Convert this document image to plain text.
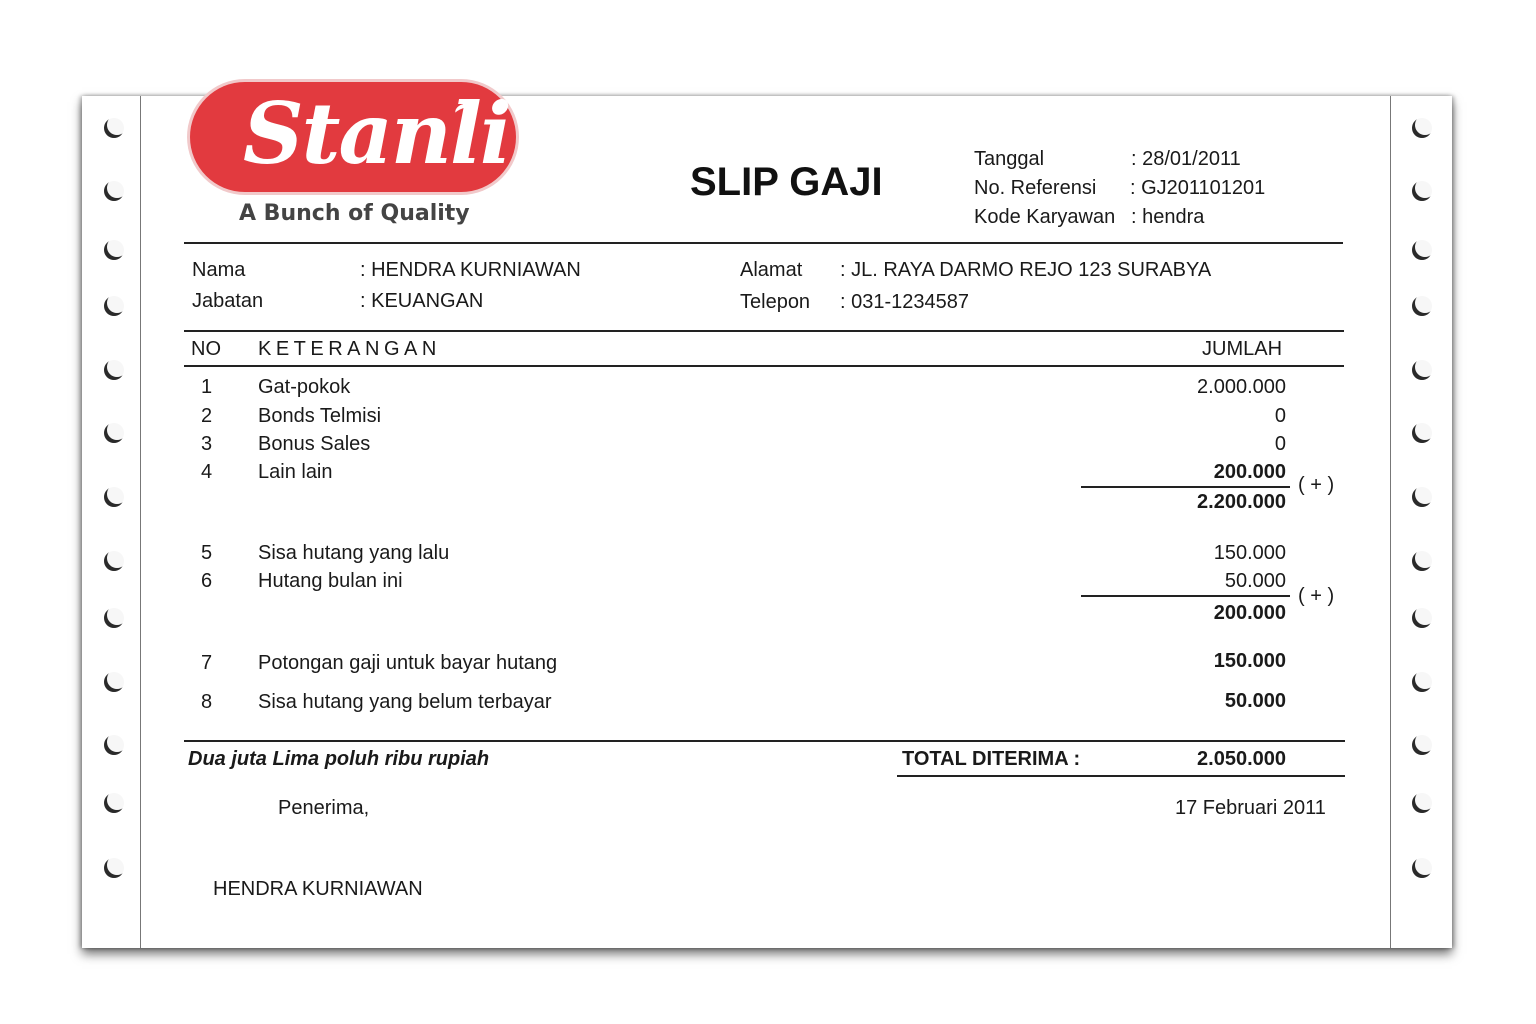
Stanli
A Bunch of Quality
SLIP GAJI
Tanggal	: 28/01/2011
No. Referensi : GJ201101201
Kode Karyawan : hendra
Nama	: HENDRA KURNIAWAN
Jabatan	: KEUANGAN
Alamat : JL. RAYA DARMO REJO 123 SURABYA
Telepon : 031-1234587
NO KETERANGAN	JUMLAH
1 Gat-pokok	2.000.000
2 Bonds Telmisi	0
3 Bonus Sales	0
4 Lain lain	200.000
( + )
2.200.000
5 Sisa hutang yang lalu	150.000
6 Hutang bulan ini	50.000
( + )
200.000
7 Potongan gaji untuk bayar hutang	150.000
8 Sisa hutang yang belum terbayar	50.000
Dua juta Lima poluh ribu rupiah	TOTAL DITERIMA :	2.050.000
Penerima,	17 Februari 2011
HENDRA KURNIAWAN
